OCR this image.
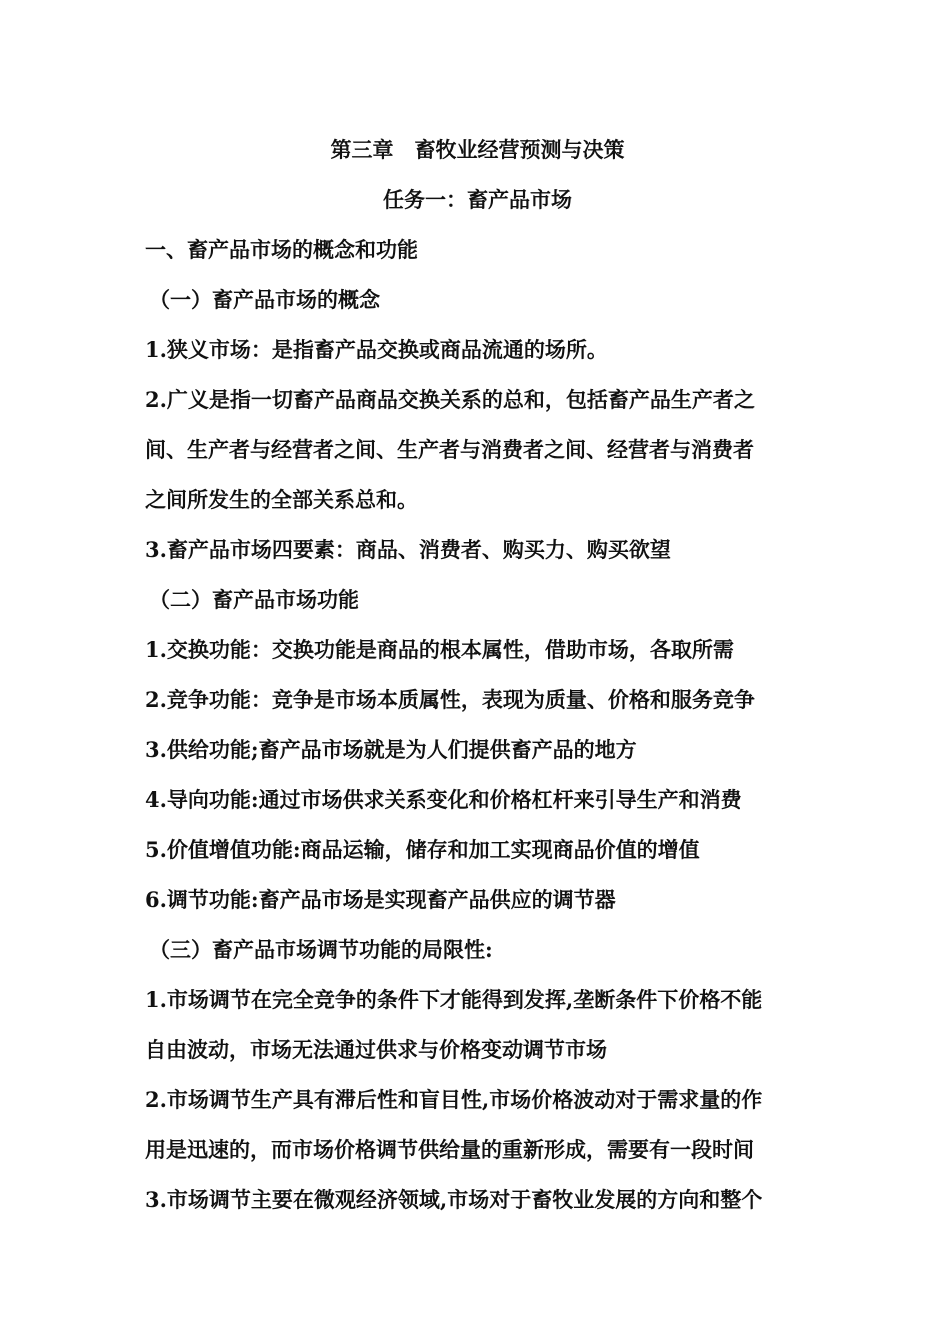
第三章　畜牧业经营预测与决策
任务一：畜产品市场
一、畜产品市场的概念和功能
（一）畜产品市场的概念
1.狭义市场：是指畜产品交换或商品流通的场所。
2.广义是指一切畜产品商品交换关系的总和，包括畜产品生产者之
间、生产者与经营者之间、生产者与消费者之间、经营者与消费者
之间所发生的全部关系总和。
3.畜产品市场四要素：商品、消费者、购买力、购买欲望
（二）畜产品市场功能
1.交换功能：交换功能是商品的根本属性，借助市场，各取所需
2.竞争功能：竞争是市场本质属性，表现为质量、价格和服务竞争
3.供给功能;畜产品市场就是为人们提供畜产品的地方
4.导向功能:通过市场供求关系变化和价格杠杆来引导生产和消费
5.价值增值功能:商品运输，储存和加工实现商品价值的增值
6.调节功能:畜产品市场是实现畜产品供应的调节器
（三）畜产品市场调节功能的局限性:
1.市场调节在完全竞争的条件下才能得到发挥,垄断条件下价格不能
自由波动，市场无法通过供求与价格变动调节市场
2.市场调节生产具有滞后性和盲目性,市场价格波动对于需求量的作
用是迅速的，而市场价格调节供给量的重新形成，需要有一段时间
3.市场调节主要在微观经济领域,市场对于畜牧业发展的方向和整个
